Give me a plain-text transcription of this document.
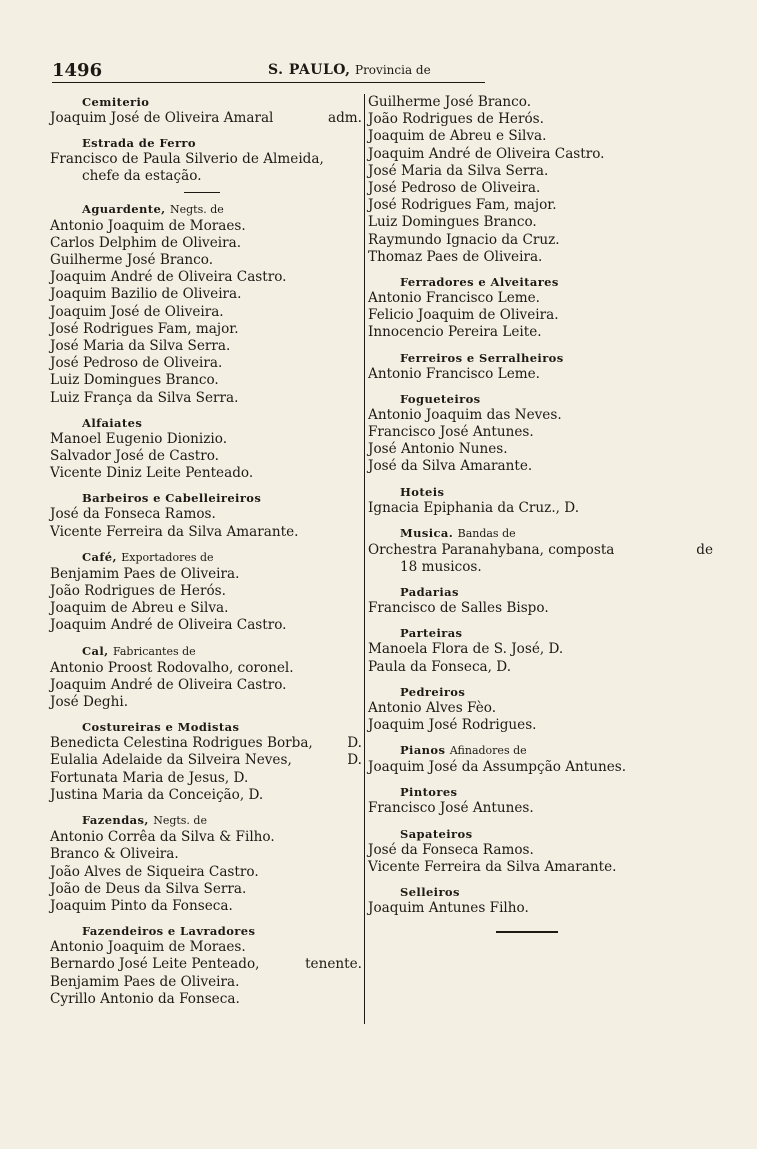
1496	S. PAULO, Provincia de
Cemiterio
Joaquim José de Oliveira Amaral	adm.
Estrada de Ferro
Francisco de Paula Silverio de Almeida,
chefe da estação.
Aguardente, Negts. de
Antonio Joaquim de Moraes.
Carlos Delphim de Oliveira.
Guilherme José Branco.
Joaquim André de Oliveira Castro.
Joaquim Bazilio de Oliveira.
Joaquim José de Oliveira.
José Rodrigues Fam, major.
José Maria da Silva Serra.
José Pedroso de Oliveira.
Luiz Domingues Branco.
Luiz França da Silva Serra.
Alfaiates
Manoel Eugenio Dionizio.
Salvador José de Castro.
Vicente Diniz Leite Penteado.
Barbeiros e Cabelleireiros
José da Fonseca Ramos.
Vicente Ferreira da Silva Amarante.
Café, Exportadores de
Benjamim Paes de Oliveira.
João Rodrigues de Herós.
Joaquim de Abreu e Silva.
Joaquim André de Oliveira Castro.
Cal, Fabricantes de
Antonio Proost Rodovalho, coronel.
Joaquim André de Oliveira Castro.
José Deghi.
Costureiras e Modistas
Benedicta Celestina Rodrigues Borba,	D.
Eulalia Adelaide da Silveira Neves,	D.
Fortunata Maria de Jesus, D.
Justina Maria da Conceição, D.
Fazendas, Negts. de
Antonio Corrêa da Silva & Filho.
Branco & Oliveira.
João Alves de Siqueira Castro.
João de Deus da Silva Serra.
Joaquim Pinto da Fonseca.
Fazendeiros e Lavradores
Antonio Joaquim de Moraes.
Bernardo José Leite Penteado,	tenente.
Benjamim Paes de Oliveira.
Cyrillo Antonio da Fonseca.
Guilherme José Branco.
João Rodrigues de Herós.
Joaquim de Abreu e Silva.
Joaquim André de Oliveira Castro.
José Maria da Silva Serra.
José Pedroso de Oliveira.
José Rodrigues Fam, major.
Luiz Domingues Branco.
Raymundo Ignacio da Cruz.
Thomaz Paes de Oliveira.
Ferradores e Alveitares
Antonio Francisco Leme.
Felicio Joaquim de Oliveira.
Innocencio Pereira Leite.
Ferreiros e Serralheiros
Antonio Francisco Leme.
Fogueteiros
Antonio Joaquim das Neves.
Francisco José Antunes.
José Antonio Nunes.
José da Silva Amarante.
Hoteis
Ignacia Epiphania da Cruz., D.
Musica. Bandas de
Orchestra Paranahybana, composta	de
18 musicos.
Padarias
Francisco de Salles Bispo.
Parteiras
Manoela Flora de S. José, D.
Paula da Fonseca, D.
Pedreiros
Antonio Alves Fèo.
Joaquim José Rodrigues.
Pianos Afinadores de
Joaquim José da Assumpção Antunes.
Pintores
Francisco José Antunes.
Sapateiros
José da Fonseca Ramos.
Vicente Ferreira da Silva Amarante.
Selleiros
Joaquim Antunes Filho.
